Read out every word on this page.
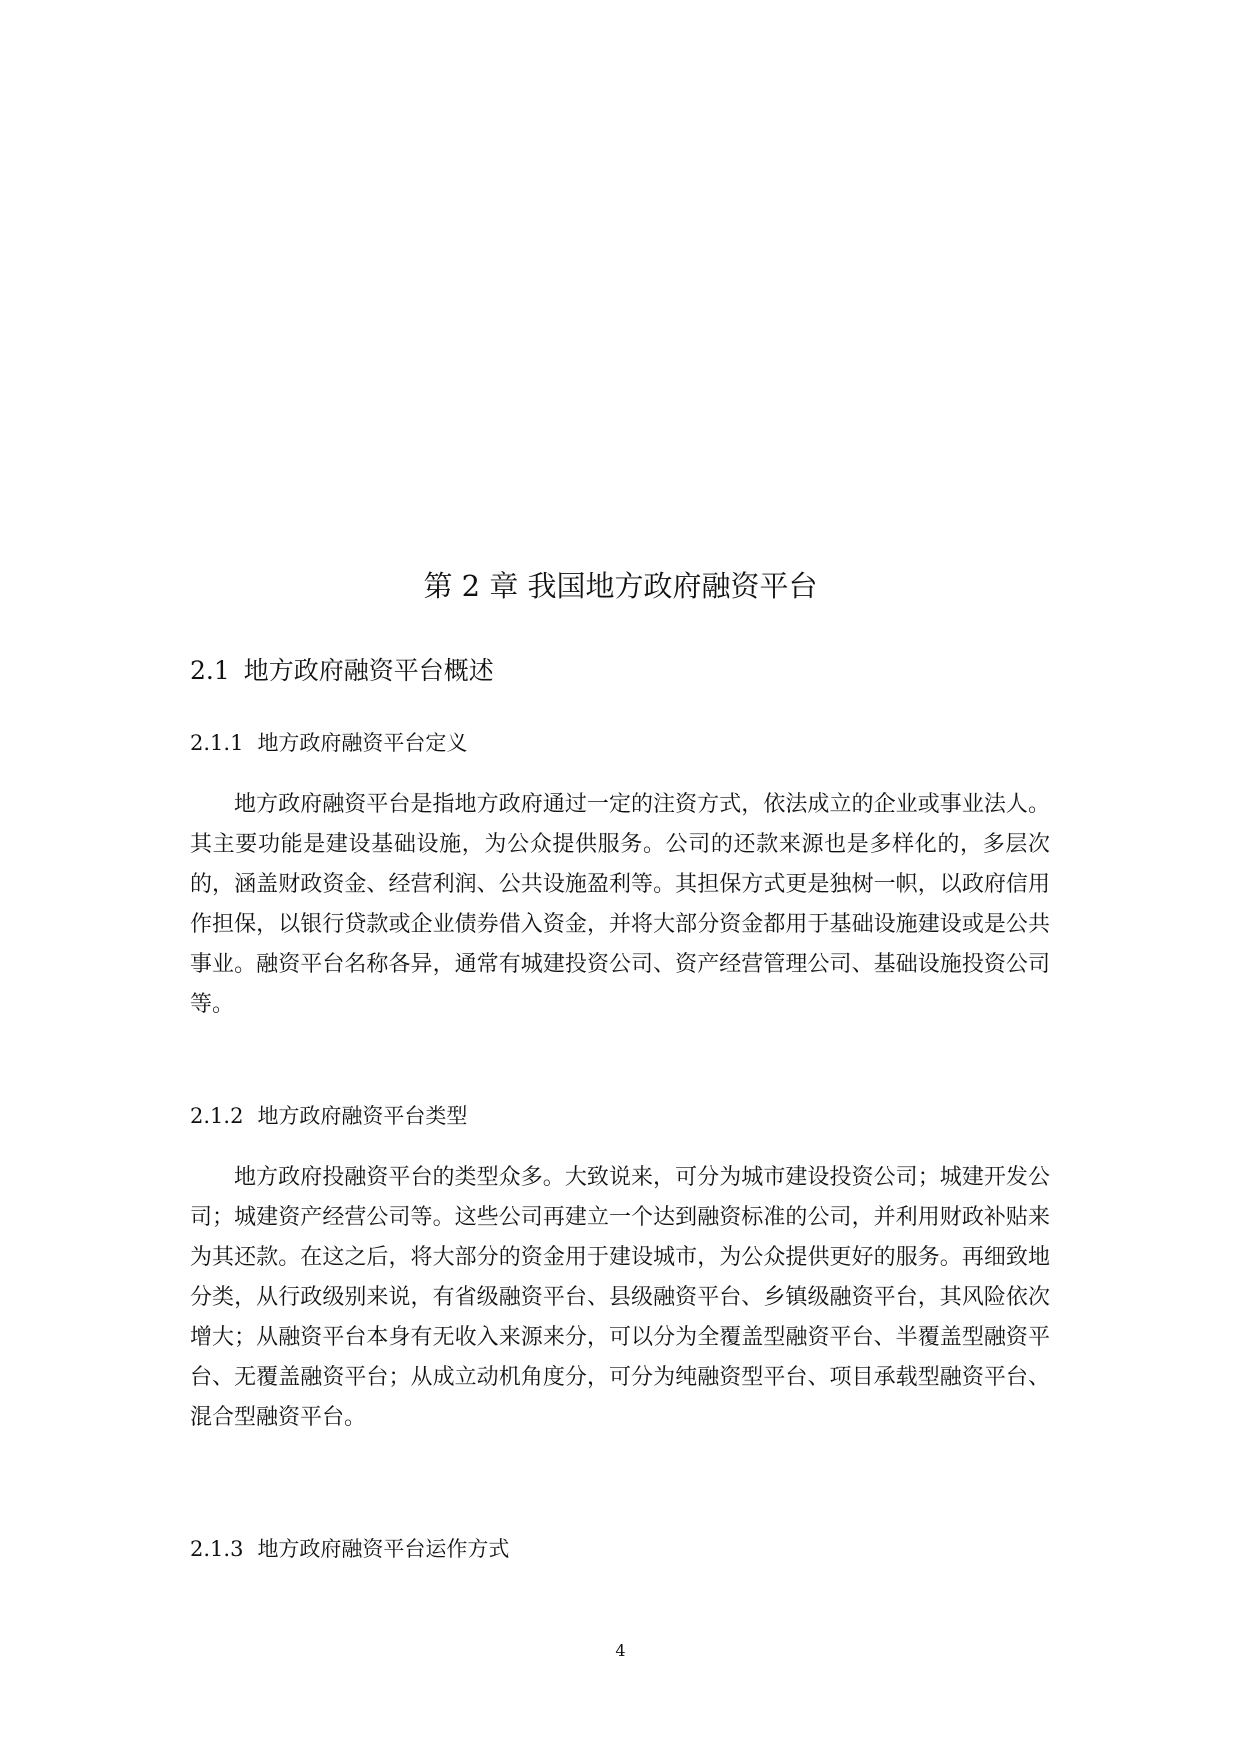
第 2 章 我国地方政府融资平台
2.1 地方政府融资平台概述
2.1.1 地方政府融资平台定义

地方政府融资平台是指地方政府通过一定的注资方式，依法成立的企业或事业法人。其主要功能是建设基础设施，为公众提供服务。公司的还款来源也是多样化的，多层次的，涵盖财政资金、经营利润、公共设施盈利等。其担保方式更是独树一帜，以政府信用作担保，以银行贷款或企业债券借入资金，并将大部分资金都用于基础设施建设或是公共事业。融资平台名称各异，通常有城建投资公司、资产经营管理公司、基础设施投资公司等。

2.1.2 地方政府融资平台类型

地方政府投融资平台的类型众多。大致说来，可分为城市建设投资公司；城建开发公司；城建资产经营公司等。这些公司再建立一个达到融资标准的公司，并利用财政补贴来为其还款。在这之后，将大部分的资金用于建设城市，为公众提供更好的服务。再细致地分类，从行政级别来说，有省级融资平台、县级融资平台、乡镇级融资平台，其风险依次增大；从融资平台本身有无收入来源来分，可以分为全覆盖型融资平台、半覆盖型融资平台、无覆盖融资平台；从成立动机角度分，可分为纯融资型平台、项目承载型融资平台、混合型融资平台。

2.1.3 地方政府融资平台运作方式
4
